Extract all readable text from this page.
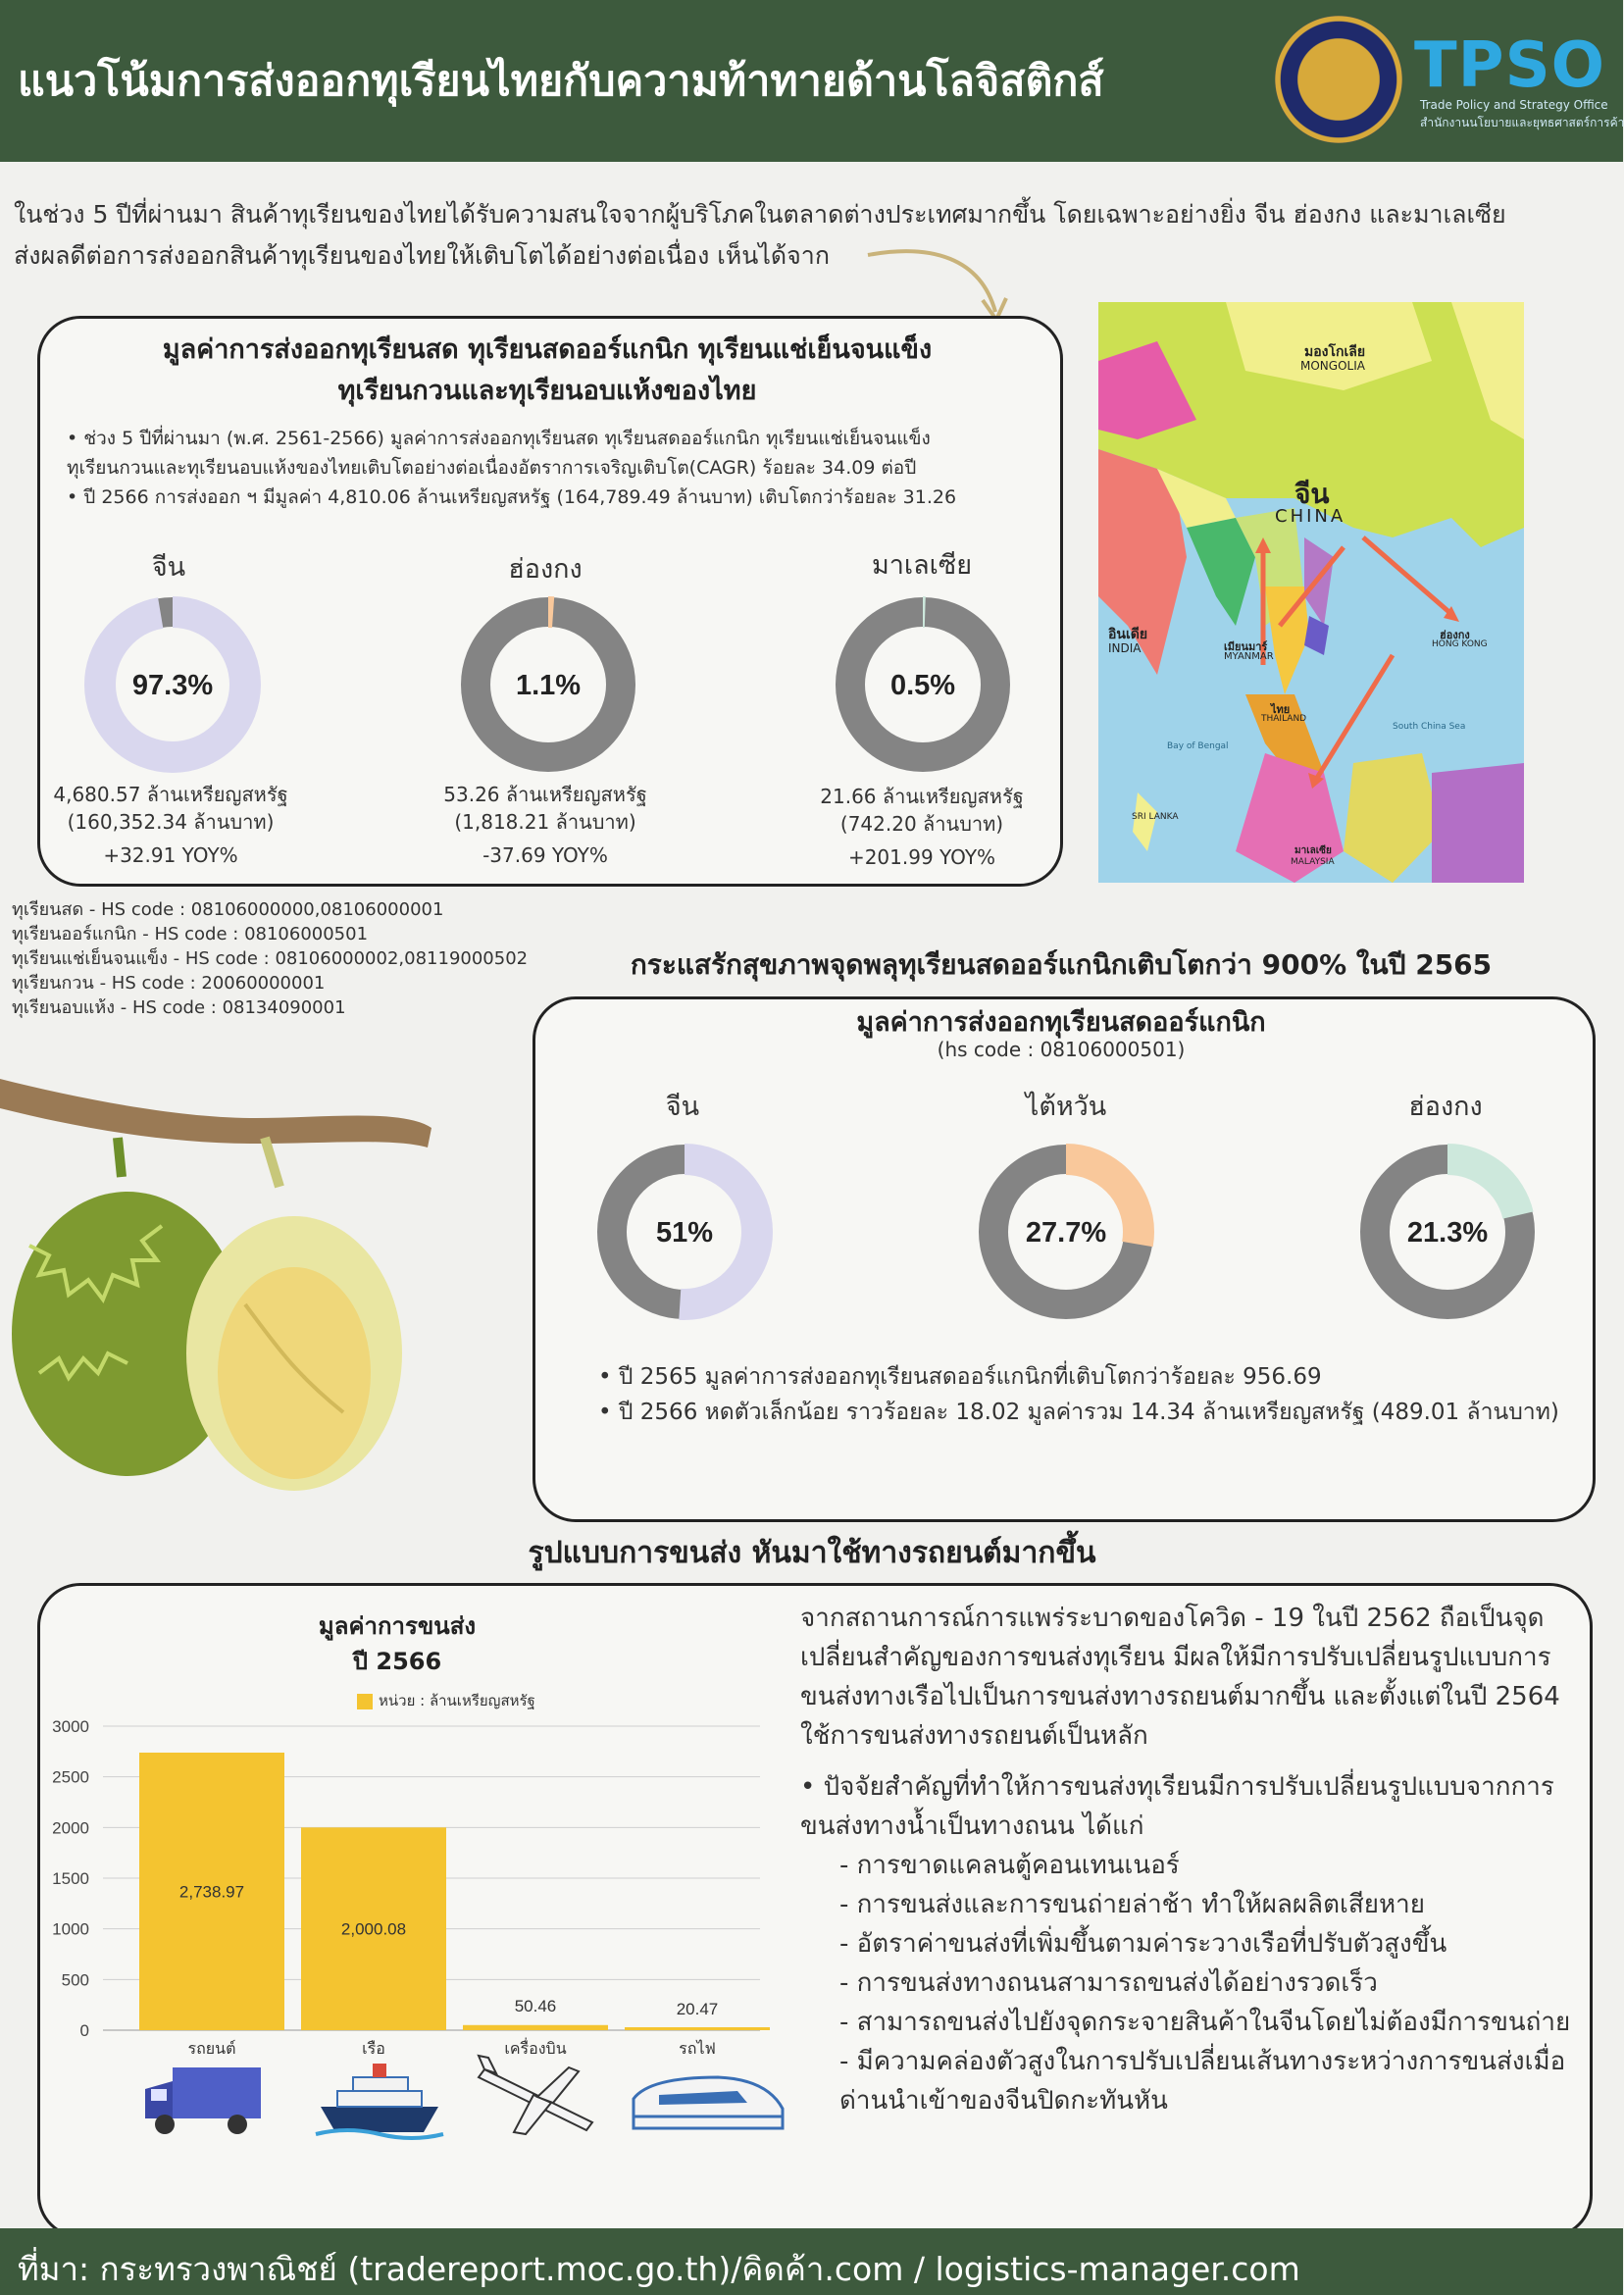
แนวโน้มการส่งออกทุเรียนไทยกับความท้าทายด้านโลจิสติกส์	TPSO
Trade Policy and Strategy Office
สำนักงานนโยบายและยุทธศาสตร์การค้า

ในช่วง 5 ปีที่ผ่านมา สินค้าทุเรียนของไทยได้รับความสนใจจากผู้บริโภคในตลาดต่างประเทศมากขึ้น โดยเฉพาะอย่างยิ่ง จีน ฮ่องกง และมาเลเซีย

ส่งผลดีต่อการส่งออกสินค้าทุเรียนของไทยให้เติบโตได้อย่างต่อเนื่อง เห็นได้จาก

มูลค่าการส่งออกทุเรียนสด ทุเรียนสดออร์แกนิก ทุเรียนแช่เย็นจนแข็ง
ทุเรียนกวนและทุเรียนอบแห้งของไทย

• ช่วง 5 ปีที่ผ่านมา (พ.ศ. 2561-2566) มูลค่าการส่งออกทุเรียนสด ทุเรียนสดออร์แกนิก ทุเรียนแช่เย็นจนแข็ง

ทุเรียนกวนและทุเรียนอบแห้งของไทยเติบโตอย่างต่อเนื่องอัตราการเจริญเติบโต(CAGR) ร้อยละ 34.09 ต่อปี

• ปี 2566 การส่งออก ฯ มีมูลค่า 4,810.06 ล้านเหรียญสหรัฐ (164,789.49 ล้านบาท) เติบโตกว่าร้อยละ 31.26

จีน	ฮ่องกง	มาเลเซีย
97.3%	1.1%	0.5%

4,680.57 ล้านเหรียญสหรัฐ

(160,352.34 ล้านบาท)

+32.91 YOY%

53.26 ล้านเหรียญสหรัฐ

(1,818.21 ล้านบาท)

-37.69 YOY%

21.66 ล้านเหรียญสหรัฐ

(742.20 ล้านบาท)

+201.99 YOY%
ทุเรียนสด - HS code : 08106000000,08106000001
ทุเรียนออร์แกนิก - HS code : 08106000501
ทุเรียนแช่เย็นจนแข็ง - HS code : 08106000002,08119000502
ทุเรียนกวน - HS code : 20060000001
ทุเรียนอบแห้ง - HS code : 08134090001
มองโกเลีย
MONGOLIA
จีน
CHINA
อินเดีย
INDIA	เมียนมาร์
MYANMAR
ไทย
THAILAND
ฮ่องกง
HONG KONG
มาเลเซีย
MALAYSIA
SRI LANKA
Bay of Bengal
South China Sea
กระแสรักสุขภาพจุดพลุทุเรียนสดออร์แกนิกเติบโตกว่า 900% ในปี 2565
มูลค่าการส่งออกทุเรียนสดออร์แกนิก
(hs code : 08106000501)
จีน	ไต้หวัน	ฮ่องกง
51%	27.7%	21.3%

• ปี 2565 มูลค่าการส่งออกทุเรียนสดออร์แกนิกที่เติบโตกว่าร้อยละ 956.69

• ปี 2566 หดตัวเล็กน้อย ราวร้อยละ 18.02 มูลค่ารวม 14.34 ล้านเหรียญสหรัฐ (489.01 ล้านบาท)

รูปแบบการขนส่ง หันมาใช้ทางรถยนต์มากขึ้น
มูลค่าการขนส่ง
ปี 2566
หน่วย : ล้านเหรียญสหรัฐ
0
500
1000
1500
2000
2500
3000
2,738.97
2,000.08
50.46	20.47
รถยนต์	เรือ	เครื่องบิน	รถไฟ

จากสถานการณ์การแพร่ระบาดของโควิด - 19 ในปี 2562 ถือเป็นจุดเปลี่ยนสำคัญของการขนส่งทุเรียน มีผลให้มีการปรับเปลี่ยนรูปแบบการขนส่งทางเรือไปเป็นการขนส่งทางรถยนต์มากขึ้น และตั้งแต่ในปี 2564 ใช้การขนส่งทางรถยนต์เป็นหลัก

• ปัจจัยสำคัญที่ทำให้การขนส่งทุเรียนมีการปรับเปลี่ยนรูปแบบจากการขนส่งทางน้ำเป็นทางถนน ได้แก่

- การขาดแคลนตู้คอนเทนเนอร์

- การขนส่งและการขนถ่ายล่าช้า ทำให้ผลผลิตเสียหาย

- อัตราค่าขนส่งที่เพิ่มขึ้นตามค่าระวางเรือที่ปรับตัวสูงขึ้น

- การขนส่งทางถนนสามารถขนส่งได้อย่างรวดเร็ว

- สามารถขนส่งไปยังจุดกระจายสินค้าในจีนโดยไม่ต้องมีการขนถ่าย

- มีความคล่องตัวสูงในการปรับเปลี่ยนเส้นทางระหว่างการขนส่งเมื่อด่านนำเข้าของจีนปิดกะทันหัน

ที่มา: กระทรวงพาณิชย์ (tradereport.moc.go.th)/คิดค้า.com / logistics-manager.com
